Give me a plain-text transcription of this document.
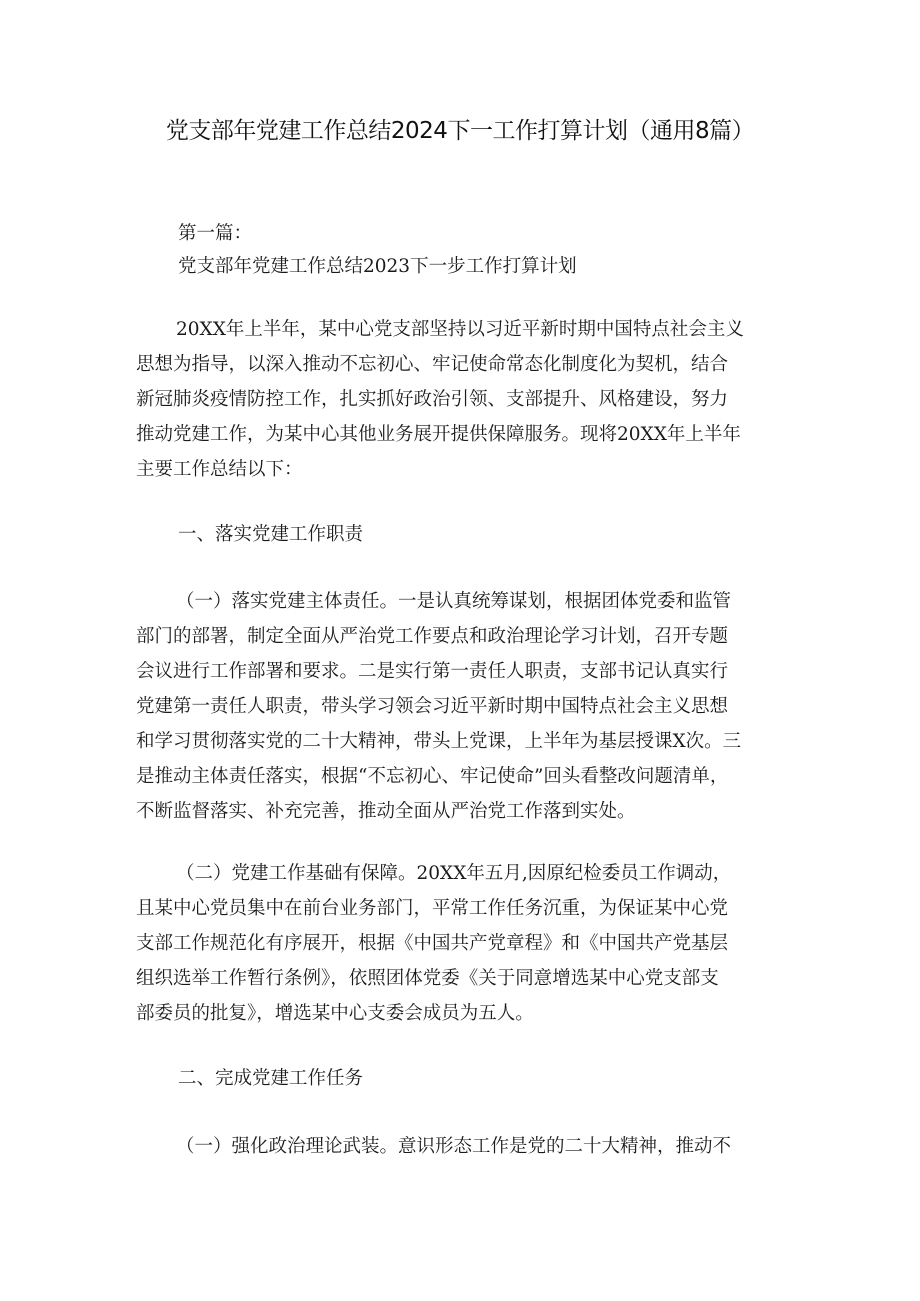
党支部年党建工作总结2024下一工作打算计划（通用8篇）
第一篇：
党支部年党建工作总结2023下一步工作打算计划
20XX年上半年，某中心党支部坚持以习近平新时期中国特点社会主义
思想为指导，以深入推动不忘初心、牢记使命常态化制度化为契机，结合
新冠肺炎疫情防控工作，扎实抓好政治引领、支部提升、风格建设，努力
推动党建工作，为某中心其他业务展开提供保障服务。现将20XX年上半年
主要工作总结以下：
一、落实党建工作职责
（一）落实党建主体责任。一是认真统筹谋划，根据团体党委和监管
部门的部署，制定全面从严治党工作要点和政治理论学习计划，召开专题
会议进行工作部署和要求。二是实行第一责任人职责，支部书记认真实行
党建第一责任人职责，带头学习领会习近平新时期中国特点社会主义思想
和学习贯彻落实党的二十大精神，带头上党课，上半年为基层授课X次。三
是推动主体责任落实，根据“不忘初心、牢记使命”回头看整改问题清单，
不断监督落实、补充完善，推动全面从严治党工作落到实处。
（二）党建工作基础有保障。20XX年五月,因原纪检委员工作调动，
且某中心党员集中在前台业务部门，平常工作任务沉重，为保证某中心党
支部工作规范化有序展开，根据《中国共产党章程》和《中国共产党基层
组织选举工作暂行条例》，依照团体党委《关于同意增选某中心党支部支
部委员的批复》，增选某中心支委会成员为五人。
二、完成党建工作任务
（一）强化政治理论武装。意识形态工作是党的二十大精神，推动不
